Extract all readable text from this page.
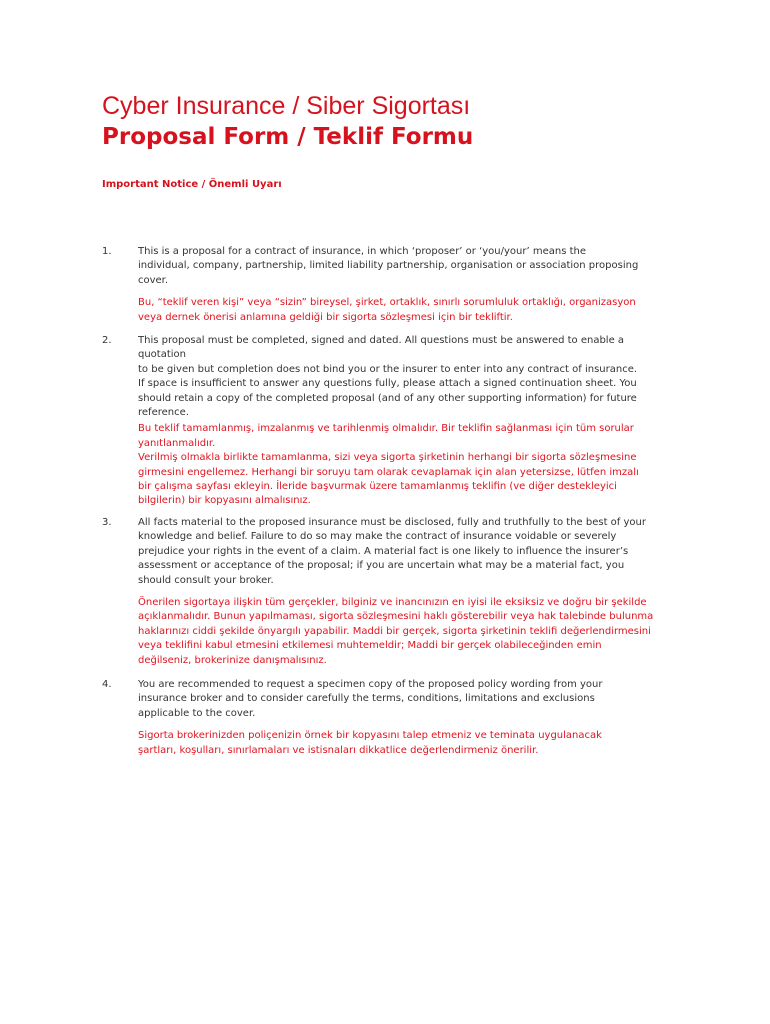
Cyber Insurance / Siber Sigortası
Proposal Form / Teklif Formu

Important Notice / Önemli Uyarı

1.	This is a proposal for a contract of insurance, in which ‘proposer’ or ‘you/your’ means the
individual, company, partnership, limited liability partnership, organisation or association proposing
cover.

Bu, “teklif veren kişi” veya “sizin” bireysel, şirket, ortaklık, sınırlı sorumluluk ortaklığı, organizasyon
veya dernek önerisi anlamına geldiği bir sigorta sözleşmesi için bir tekliftir.

2.	This proposal must be completed, signed and dated. All questions must be answered to enable a
quotation
to be given but completion does not bind you or the insurer to enter into any contract of insurance.
If space is insufficient to answer any questions fully, please attach a signed continuation sheet. You
should retain a copy of the completed proposal (and of any other supporting information) for future
reference.

Bu teklif tamamlanmış, imzalanmış ve tarihlenmiş olmalıdır. Bir teklifin sağlanması için tüm sorular
yanıtlanmalıdır.
Verilmiş olmakla birlikte tamamlanma, sizi veya sigorta şirketinin herhangi bir sigorta sözleşmesine
girmesini engellemez. Herhangi bir soruyu tam olarak cevaplamak için alan yetersizse, lütfen imzalı
bir çalışma sayfası ekleyin. İleride başvurmak üzere tamamlanmış teklifin (ve diğer destekleyici
bilgilerin) bir kopyasını almalısınız.

3.	All facts material to the proposed insurance must be disclosed, fully and truthfully to the best of your
knowledge and belief. Failure to do so may make the contract of insurance voidable or severely
prejudice your rights in the event of a claim. A material fact is one likely to influence the insurer’s
assessment or acceptance of the proposal; if you are uncertain what may be a material fact, you
should consult your broker.

Önerilen sigortaya ilişkin tüm gerçekler, bilginiz ve inancınızın en iyisi ile eksiksiz ve doğru bir şekilde
açıklanmalıdır. Bunun yapılmaması, sigorta sözleşmesini haklı gösterebilir veya hak talebinde bulunma
haklarınızı ciddi şekilde önyargılı yapabilir. Maddi bir gerçek, sigorta şirketinin teklifi değerlendirmesini
veya teklifini kabul etmesini etkilemesi muhtemeldir; Maddi bir gerçek olabileceğinden emin
değilseniz, brokerinize danışmalısınız.

4.	You are recommended to request a specimen copy of the proposed policy wording from your
insurance broker and to consider carefully the terms, conditions, limitations and exclusions
applicable to the cover.

Sigorta brokerinizden poliçenizin örnek bir kopyasını talep etmeniz ve teminata uygulanacak
şartları, koşulları, sınırlamaları ve istisnaları dikkatlice değerlendirmeniz önerilir.
